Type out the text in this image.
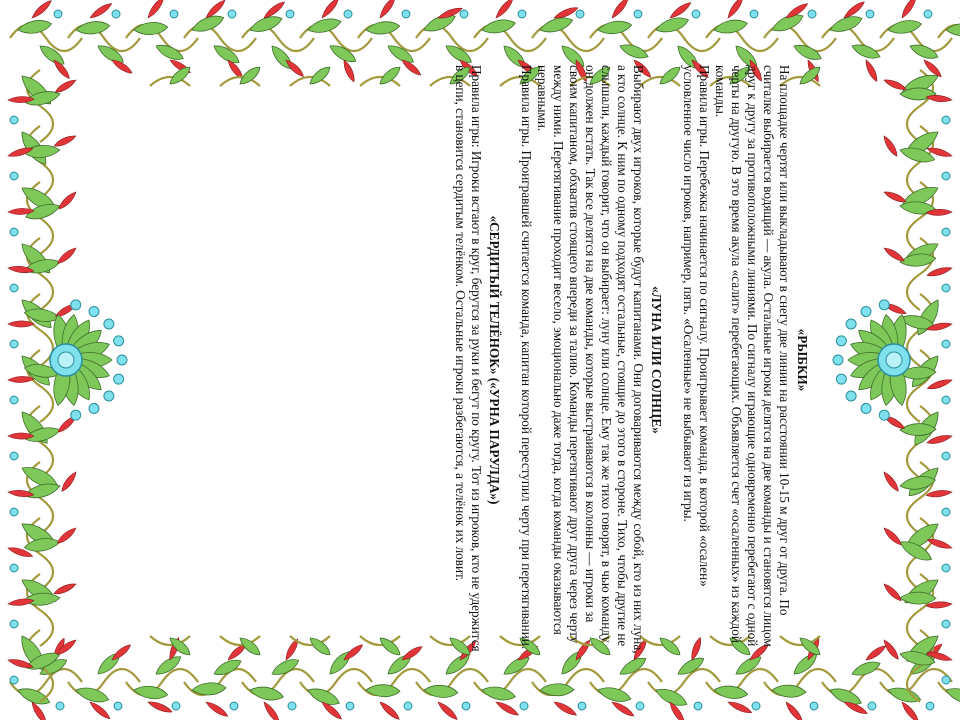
«РЫБКИ»

На площадке чертят или выкладывают в снегу две линии на расстоянии 10-15 м друг от друга. По считалке выбирается водящий — акула. Остальные игроки делятся на две команды и становятся лицом друг к другу за противоположными линиями. По сигналу играющие одновременно перебегают с одной черты на другую. В это время акула «салит» перебегающих. Объявляется счет «осаленных» из каждой команды.

Правила игры. Перебежка начинается по сигналу. Проигрывает команда, в которой «осален» условленное число игроков, например, пять. «Осаленные» не выбывают из игры.

«ЛУНА ИЛИ СОЛНЦЕ»

Выбирают двух игроков, которые будут капитанами. Они договариваются между собой, кто из них луна, а кто солнце. К ним по одному подходят остальные, стоящие до этого в стороне. Тихо, чтобы другие не слышали, каждый говорит, что он выбирает: луну или солнце. Ему так же тихо говорят, в чью команду он должен встать. Так все делятся на две команды, которые выстраиваются в колонны — игроки за своим капитаном, обхватив стоящего впереди за талию. Команды перетягивают друг друга через черту между ними. Перетягивание проходит весело, эмоционально даже тогда, когда команды оказываются неравными.

Правила игры. Проигравшей считается команда, капитан которой переступил черту при перетягивании.

«СЕРДИТЫЙ ТЕЛЁНОК» («УРНА ПАРУЛДА»)

Правила игры: Игроки встают в круг, берутся за руки и бегут по кругу. Тот из игроков, кто не удержится в цепи, становится сердитым телёнком. Остальные игроки разбегаются, а телёнок их ловит.
